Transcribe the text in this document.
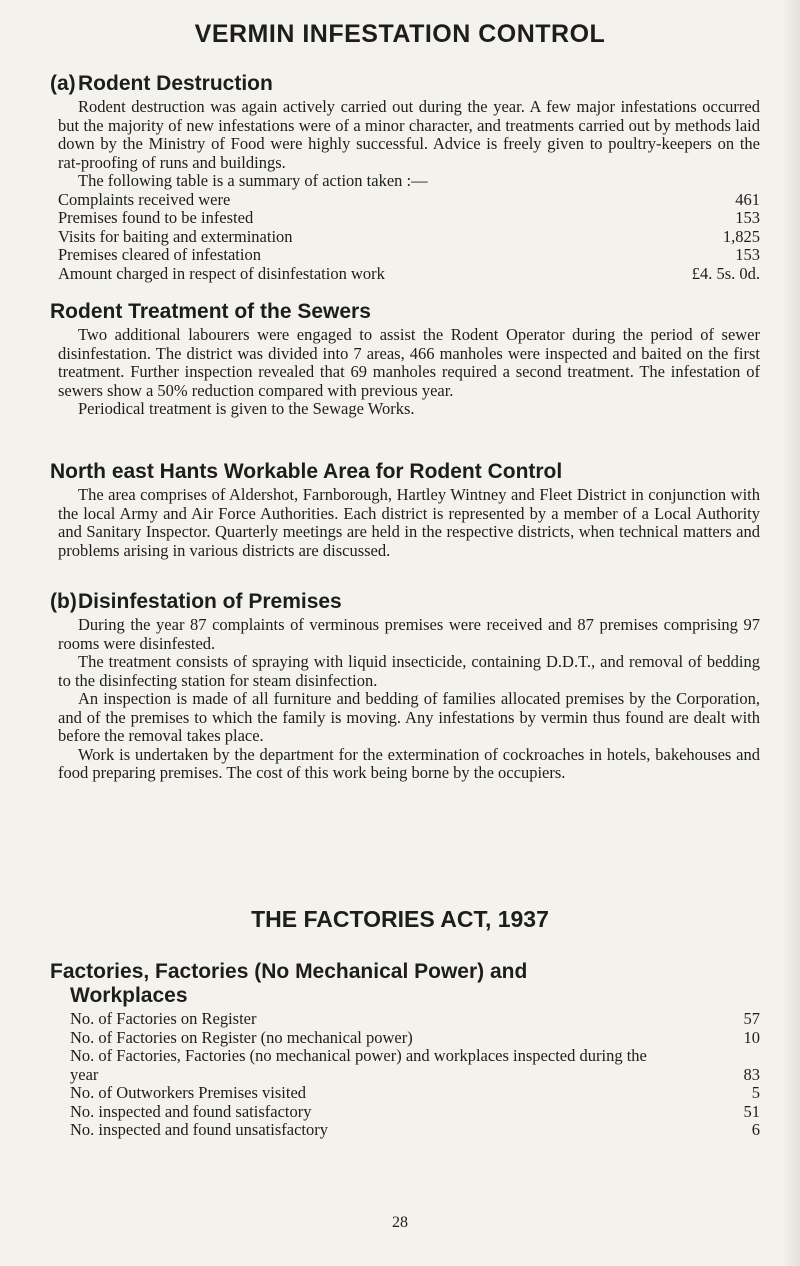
VERMIN INFESTATION CONTROL
(a) Rodent Destruction

Rodent destruction was again actively carried out during the year. A few major infestations occurred but the majority of new infestations were of a minor character, and treatments carried out by methods laid down by the Ministry of Food were highly successful. Advice is freely given to poultry-keepers on the rat-proofing of runs and buildings.

The following table is a summary of action taken :—

Complaints received were	461
Premises found to be infested	153
Visits for baiting and extermination	1,825
Premises cleared of infestation	153
Amount charged in respect of disinfestation work	£4. 5s. 0d.
Rodent Treatment of the Sewers

Two additional labourers were engaged to assist the Rodent Operator during the period of sewer disinfestation. The district was divided into 7 areas, 466 manholes were inspected and baited on the first treatment. Further inspection revealed that 69 manholes required a second treatment. The infestation of sewers show a 50% reduction compared with previous year.

Periodical treatment is given to the Sewage Works.

North east Hants Workable Area for Rodent Control

The area comprises of Aldershot, Farnborough, Hartley Wintney and Fleet District in conjunction with the local Army and Air Force Authorities. Each district is represented by a member of a Local Authority and Sanitary Inspector. Quarterly meetings are held in the respective districts, when technical matters and problems arising in various districts are discussed.

(b)Disinfestation of Premises

During the year 87 complaints of verminous premises were received and 87 premises comprising 97 rooms were disinfested.

The treatment consists of spraying with liquid insecticide, containing D.D.T., and removal of bedding to the disinfecting station for steam disinfection.

An inspection is made of all furniture and bedding of families allocated premises by the Corporation, and of the premises to which the family is moving. Any infestations by vermin thus found are dealt with before the removal takes place.

Work is undertaken by the department for the extermination of cockroaches in hotels, bakehouses and food preparing premises. The cost of this work being borne by the occupiers.

THE FACTORIES ACT, 1937
Factories, Factories (No Mechanical Power) and
Workplaces
No. of Factories on Register	57
No. of Factories on Register (no mechanical power)	10
No. of Factories, Factories (no mechanical power) and workplaces inspected during the year	83
No. of Outworkers Premises visited	5
No. inspected and found satisfactory	51
No. inspected and found unsatisfactory	6
28
